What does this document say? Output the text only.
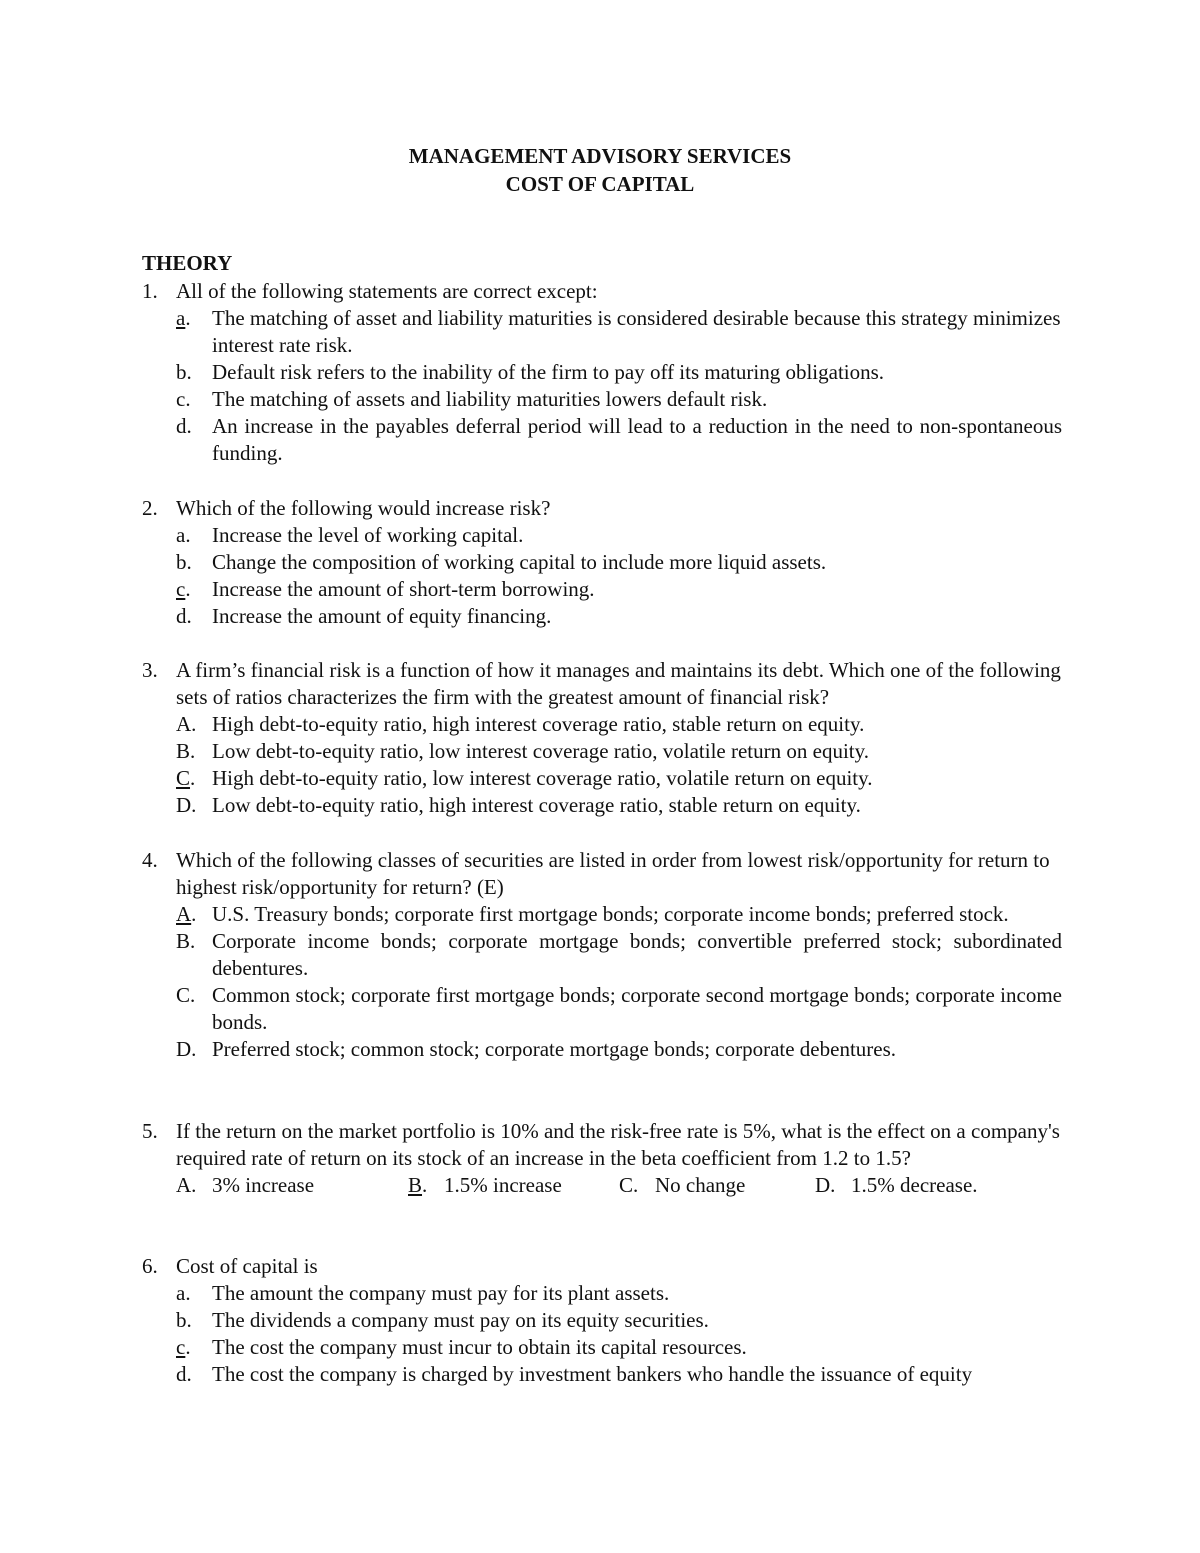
MANAGEMENT ADVISORY SERVICES
COST OF CAPITAL
THEORY
1. All of the following statements are correct except:
a.	The matching of asset and liability maturities is considered desirable because this strategy minimizes interest rate risk.
b. Default risk refers to the inability of the firm to pay off its maturing obligations.
c.	The matching of assets and liability maturities lowers default risk.
d. An increase in the payables deferral period will lead to a reduction in the need to non-spontaneous funding.
2. Which of the following would increase risk?
a.	Increase the level of working capital.
b. Change the composition of working capital to include more liquid assets.
c.	Increase the amount of short-term borrowing.
d. Increase the amount of equity financing.
3. A firm’s financial risk is a function of how it manages and maintains its debt. Which one of the following sets of ratios characterizes the firm with the greatest amount of financial risk?
A. High debt-to-equity ratio, high interest coverage ratio, stable return on equity.
B. Low debt-to-equity ratio, low interest coverage ratio, volatile return on equity.
C. High debt-to-equity ratio, low interest coverage ratio, volatile return on equity.
D. Low debt-to-equity ratio, high interest coverage ratio, stable return on equity.
4. Which of the following classes of securities are listed in order from lowest risk/opportunity for return to highest risk/opportunity for return? (E)
A. U.S. Treasury bonds; corporate first mortgage bonds; corporate income bonds; preferred stock.
B. Corporate income bonds; corporate mortgage bonds; convertible preferred stock; subordinated debentures.
C. Common stock; corporate first mortgage bonds; corporate second mortgage bonds; corporate income bonds.
D. Preferred stock; common stock; corporate mortgage bonds; corporate debentures.
5. If the return on the market portfolio is 10% and the risk-free rate is 5%, what is the effect on a company's required rate of return on its stock of an increase in the beta coefficient from 1.2 to 1.5?
A. 3% increase	B. 1.5% increase	C. No change	D. 1.5% decrease.
6. Cost of capital is
a.	The amount the company must pay for its plant assets.
b. The dividends a company must pay on its equity securities.
c.	The cost the company must incur to obtain its capital resources.
d. The cost the company is charged by investment bankers who handle the issuance of equity
